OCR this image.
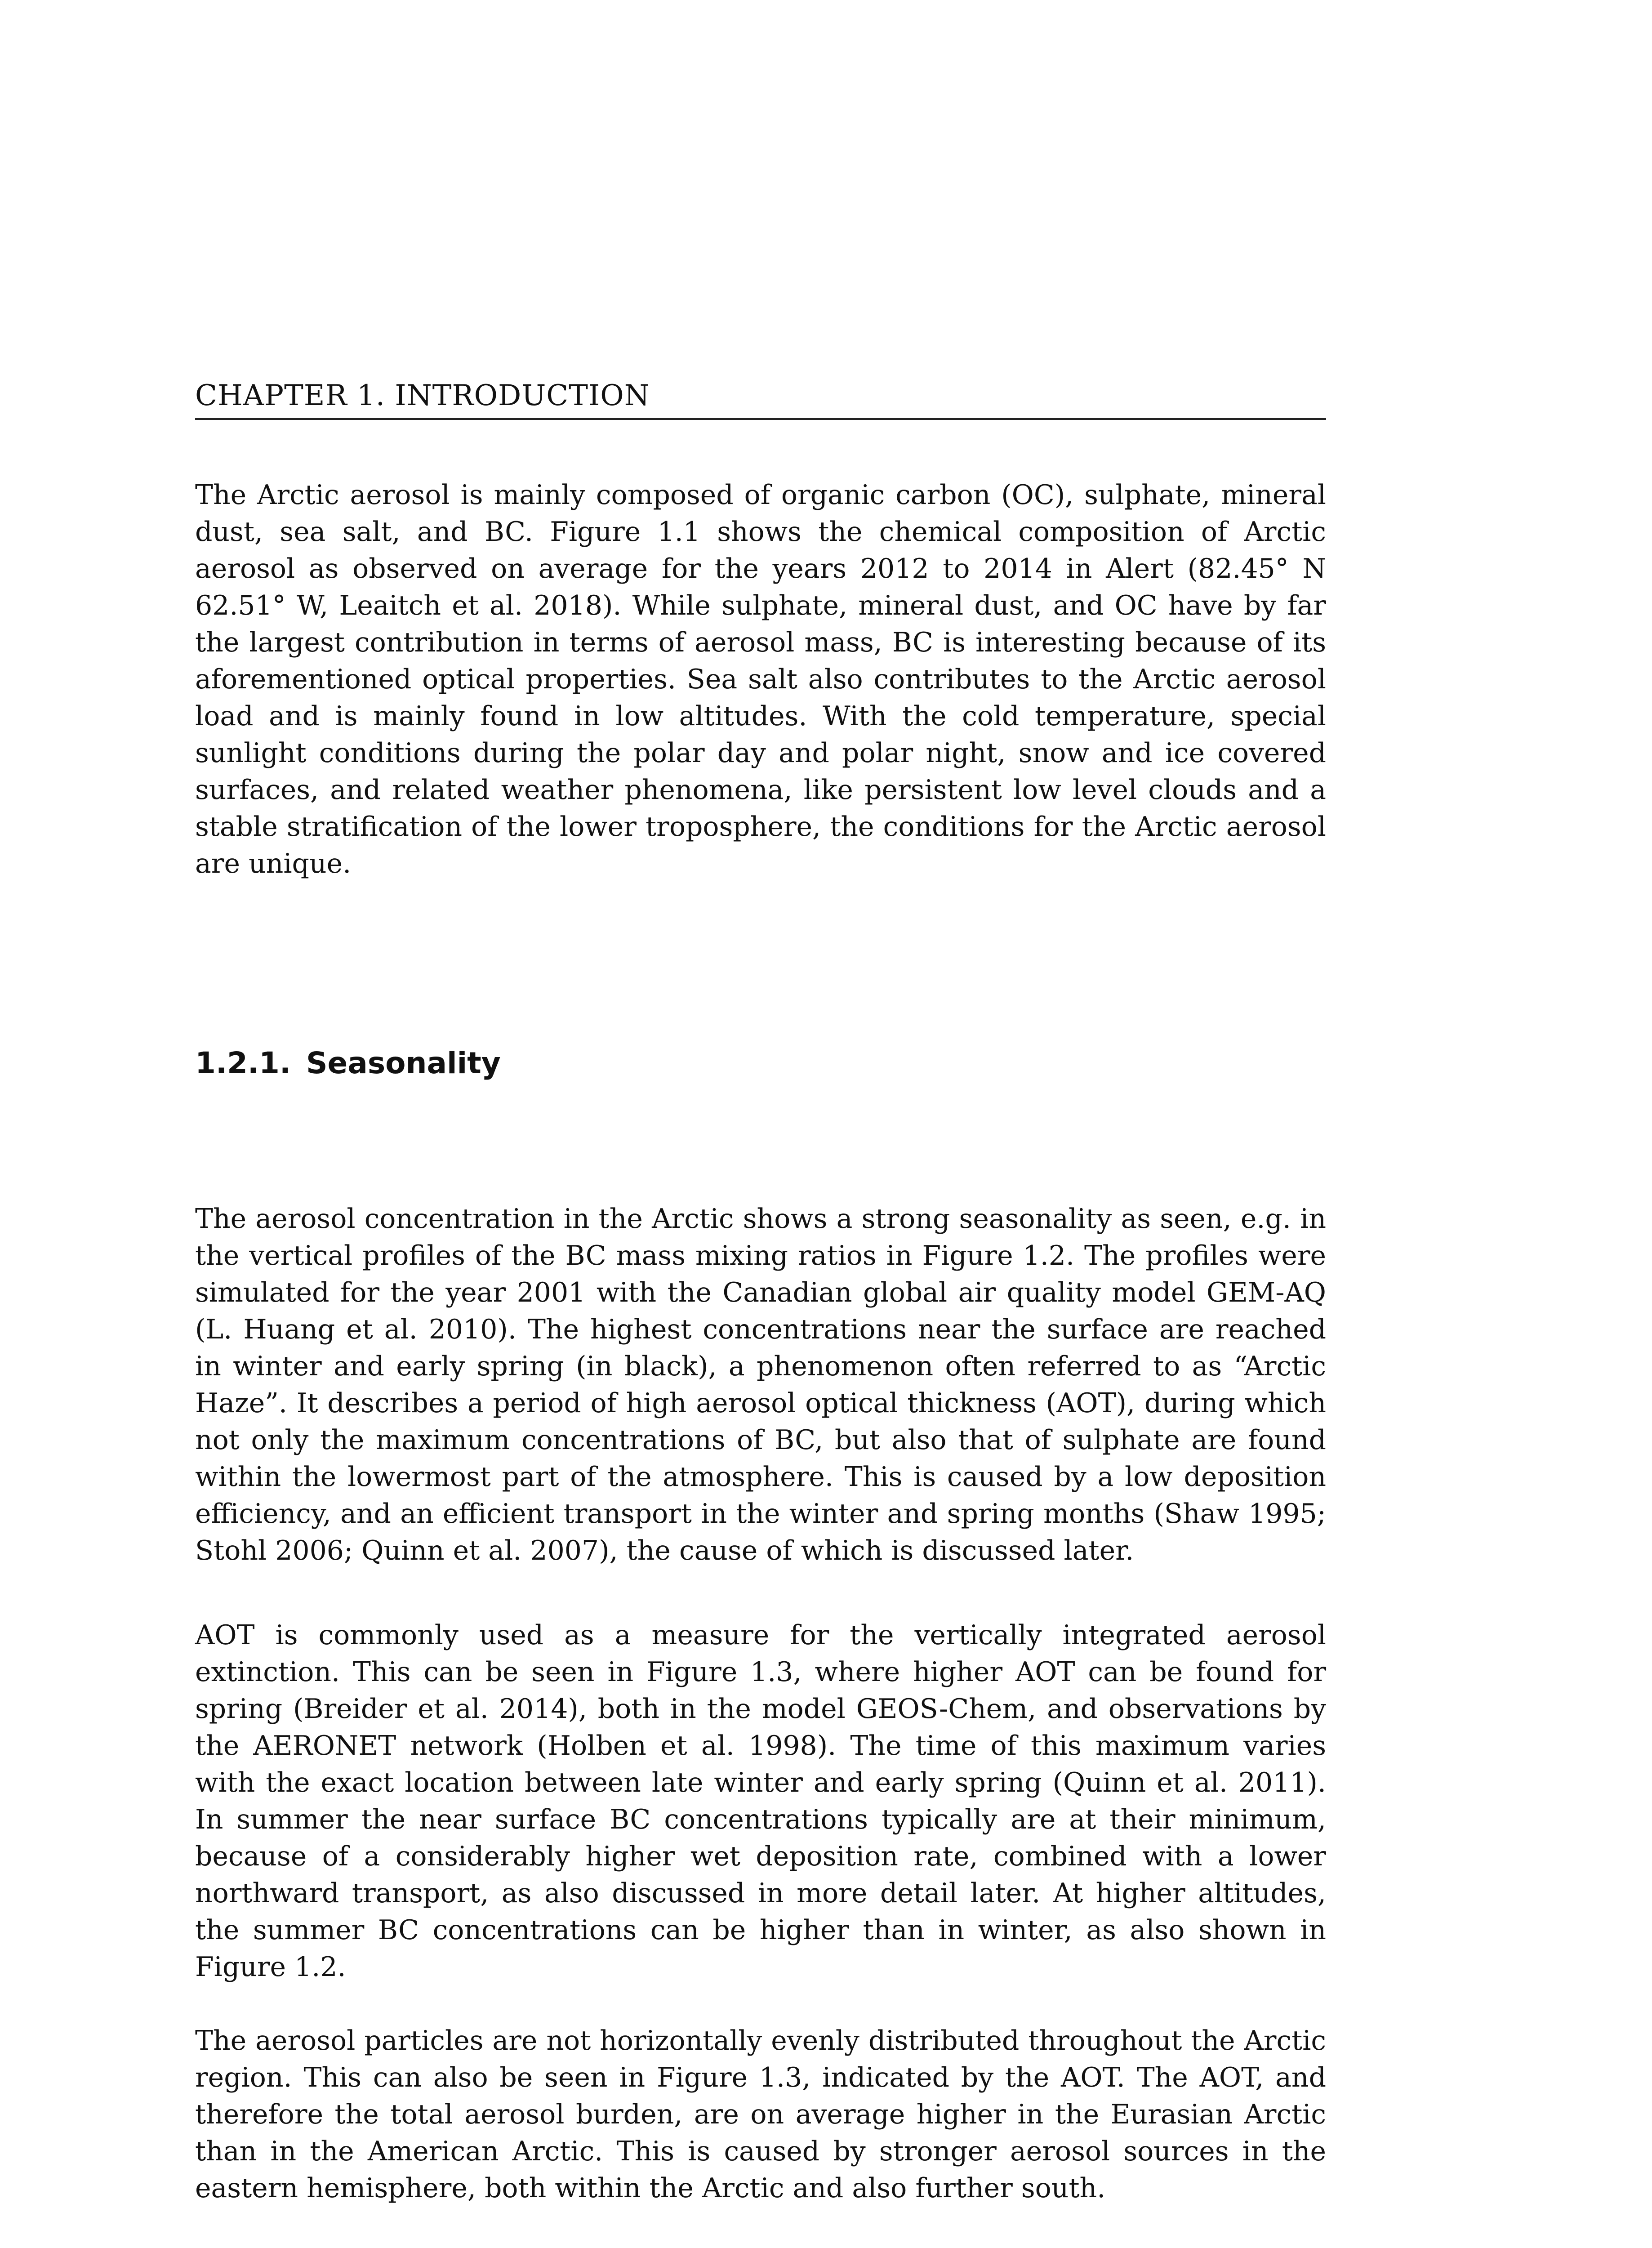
CHAPTER 1. INTRODUCTION

The Arctic aerosol is mainly composed of organic carbon (OC), sulphate, mineral dust, sea salt, and BC. Figure 1.1 shows the chemical composition of Arctic aerosol as observed on average for the years 2012 to 2014 in Alert (82.45° N 62.51° W, Leaitch et al. 2018). While sulphate, mineral dust, and OC have by far the largest contribution in terms of aerosol mass, BC is interesting because of its aforementioned optical properties. Sea salt also contributes to the Arctic aerosol load and is mainly found in low altitudes. With the cold temperature, special sunlight conditions during the polar day and polar night, snow and ice covered surfaces, and related weather phenomena, like persistent low level clouds and a stable stratification of the lower troposphere, the conditions for the Arctic aerosol are unique.

1.2.1. Seasonality

The aerosol concentration in the Arctic shows a strong seasonality as seen, e.g. in the vertical profiles of the BC mass mixing ratios in Figure 1.2. The profiles were simulated for the year 2001 with the Canadian global air quality model GEM-AQ (L. Huang et al. 2010). The highest concentrations near the surface are reached in winter and early spring (in black), a phenomenon often referred to as “Arctic Haze”. It describes a period of high aerosol optical thickness (AOT), during which not only the maximum concentrations of BC, but also that of sulphate are found within the lowermost part of the atmosphere. This is caused by a low deposition efficiency, and an efficient transport in the winter and spring months (Shaw 1995; Stohl 2006; Quinn et al. 2007), the cause of which is discussed later.

AOT is commonly used as a measure for the vertically integrated aerosol extinction. This can be seen in Figure 1.3, where higher AOT can be found for spring (Breider et al. 2014), both in the model GEOS-Chem, and observations by the AERONET network (Holben et al. 1998). The time of this maximum varies with the exact location between late winter and early spring (Quinn et al. 2011). In summer the near surface BC concentrations typically are at their minimum, because of a considerably higher wet deposition rate, combined with a lower northward transport, as also discussed in more detail later. At higher altitudes, the summer BC concentrations can be higher than in winter, as also shown in Figure 1.2.

The aerosol particles are not horizontally evenly distributed throughout the Arctic region. This can also be seen in Figure 1.3, indicated by the AOT. The AOT, and therefore the total aerosol burden, are on average higher in the Eurasian Arctic than in the American Arctic. This is caused by stronger aerosol sources in the eastern hemisphere, both within the Arctic and also further south.
